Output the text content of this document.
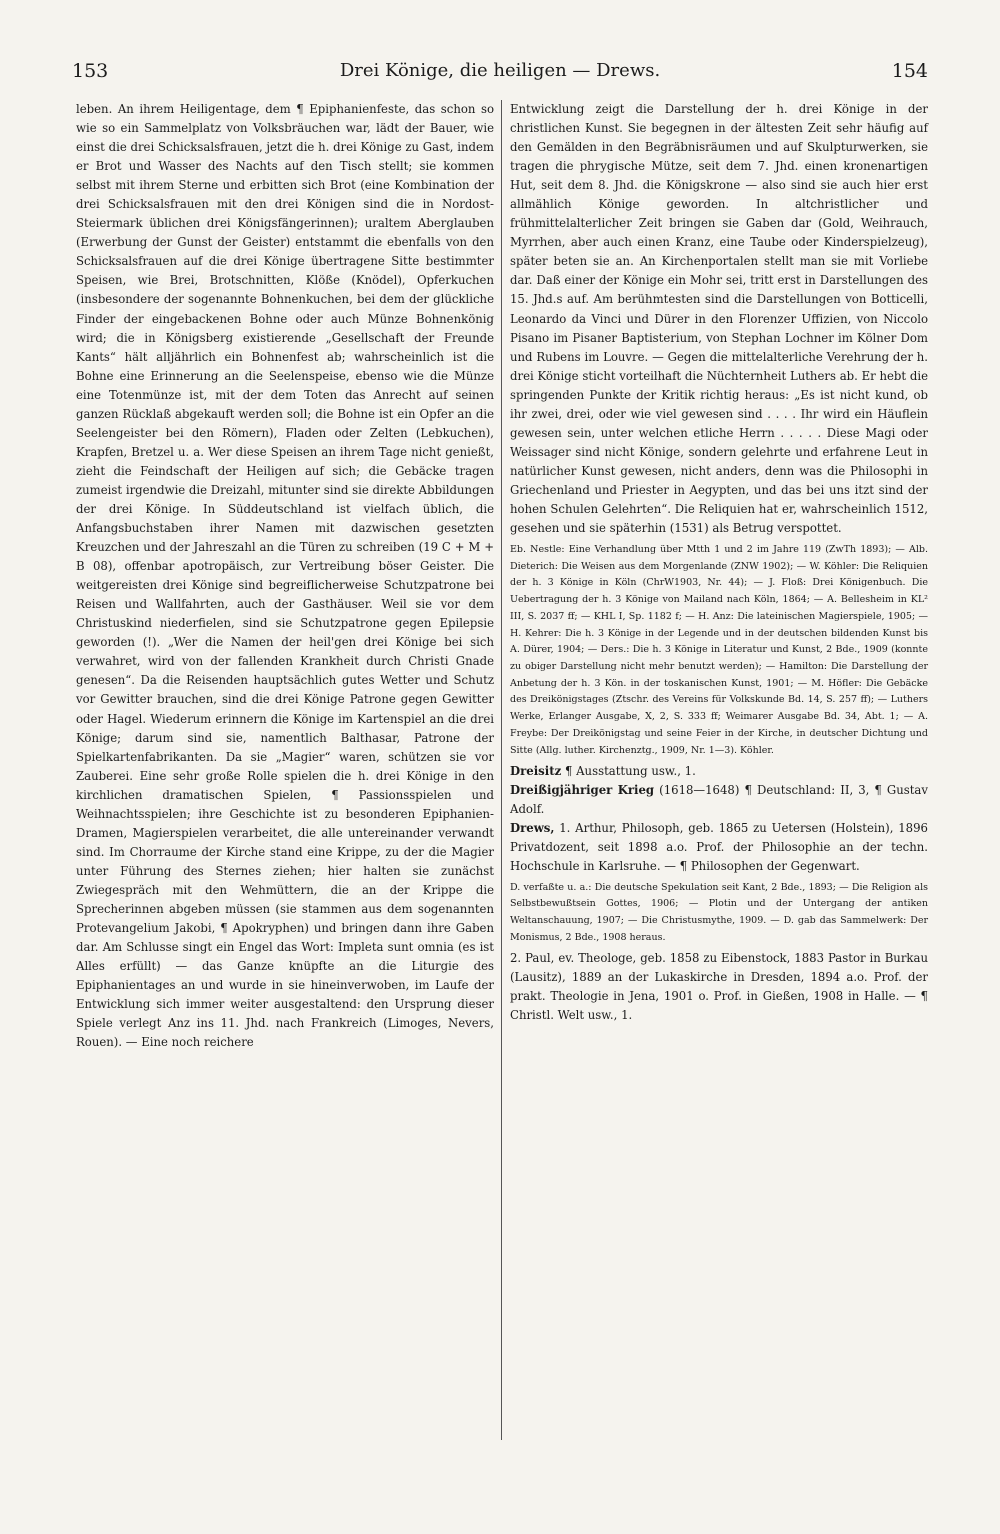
153	Drei Könige, die heiligen — Drews.	154

leben. An ihrem Heiligentage, dem ¶ Epiphanienfeste, das schon so wie so ein Sammelplatz von Volksbräuchen war, lädt der Bauer, wie einst die drei Schicksalsfrauen, jetzt die h. drei Könige zu Gast, indem er Brot und Wasser des Nachts auf den Tisch stellt; sie kommen selbst mit ihrem Sterne und erbitten sich Brot (eine Kombination der drei Schicksalsfrauen mit den drei Königen sind die in Nordost-Steiermark üblichen drei Königsfängerinnen); uraltem Aberglauben (Erwerbung der Gunst der Geister) entstammt die ebenfalls von den Schicksalsfrauen auf die drei Könige übertragene Sitte bestimmter Speisen, wie Brei, Brotschnitten, Klöße (Knödel), Opferkuchen (insbesondere der sogenannte Bohnenkuchen, bei dem der glückliche Finder der eingebackenen Bohne oder auch Münze Bohnenkönig wird; die in Königsberg existierende „Gesellschaft der Freunde Kants“ hält alljährlich ein Bohnenfest ab; wahrscheinlich ist die Bohne eine Erinnerung an die Seelenspeise, ebenso wie die Münze eine Totenmünze ist, mit der dem Toten das Anrecht auf seinen ganzen Rücklaß abgekauft werden soll; die Bohne ist ein Opfer an die Seelengeister bei den Römern), Fladen oder Zelten (Lebkuchen), Krapfen, Bretzel u. a. Wer diese Speisen an ihrem Tage nicht genießt, zieht die Feindschaft der Heiligen auf sich; die Gebäcke tragen zumeist irgendwie die Dreizahl, mitunter sind sie direkte Abbildungen der drei Könige. In Süddeutschland ist vielfach üblich, die Anfangsbuchstaben ihrer Namen mit dazwischen gesetzten Kreuzchen und der Jahreszahl an die Türen zu schreiben (19 C + M + B 08), offenbar apotropäisch, zur Vertreibung böser Geister. Die weitgereisten drei Könige sind begreiflicherweise Schutzpatrone bei Reisen und Wallfahrten, auch der Gasthäuser. Weil sie vor dem Christuskind niederfielen, sind sie Schutzpatrone gegen Epilepsie geworden (!). „Wer die Namen der heil'gen drei Könige bei sich verwahret, wird von der fallenden Krankheit durch Christi Gnade genesen“. Da die Reisenden hauptsächlich gutes Wetter und Schutz vor Gewitter brauchen, sind die drei Könige Patrone gegen Gewitter oder Hagel. Wiederum erinnern die Könige im Kartenspiel an die drei Könige; darum sind sie, namentlich Balthasar, Patrone der Spielkartenfabrikanten. Da sie „Magier“ waren, schützen sie vor Zauberei. Eine sehr große Rolle spielen die h. drei Könige in den kirchlichen dramatischen Spielen, ¶ Passionsspielen und Weihnachtsspielen; ihre Geschichte ist zu besonderen Epiphanien-Dramen, Magierspielen verarbeitet, die alle untereinander verwandt sind. Im Chorraume der Kirche stand eine Krippe, zu der die Magier unter Führung des Sternes ziehen; hier halten sie zunächst Zwiegespräch mit den Wehmüttern, die an der Krippe die Sprecherinnen abgeben müssen (sie stammen aus dem sogenannten Protevangelium Jakobi, ¶ Apokryphen) und bringen dann ihre Gaben dar. Am Schlusse singt ein Engel das Wort: Impleta sunt omnia (es ist Alles erfüllt) — das Ganze knüpfte an die Liturgie des Epiphanientages an und wurde in sie hineinverwoben, im Laufe der Entwicklung sich immer weiter ausgestaltend: den Ursprung dieser Spiele verlegt Anz ins 11. Jhd. nach Frankreich (Limoges, Nevers, Rouen). — Eine noch reichere

Entwicklung zeigt die Darstellung der h. drei Könige in der christlichen Kunst. Sie begegnen in der ältesten Zeit sehr häufig auf den Gemälden in den Begräbnisräumen und auf Skulpturwerken, sie tragen die phrygische Mütze, seit dem 7. Jhd. einen kronenartigen Hut, seit dem 8. Jhd. die Königskrone — also sind sie auch hier erst allmählich Könige geworden. In altchristlicher und frühmittelalterlicher Zeit bringen sie Gaben dar (Gold, Weihrauch, Myrrhen, aber auch einen Kranz, eine Taube oder Kinderspielzeug), später beten sie an. An Kirchenportalen stellt man sie mit Vorliebe dar. Daß einer der Könige ein Mohr sei, tritt erst in Darstellungen des 15. Jhd.s auf. Am berühmtesten sind die Darstellungen von Botticelli, Leonardo da Vinci und Dürer in den Florenzer Uffizien, von Niccolo Pisano im Pisaner Baptisterium, von Stephan Lochner im Kölner Dom und Rubens im Louvre. — Gegen die mittelalterliche Verehrung der h. drei Könige sticht vorteilhaft die Nüchternheit Luthers ab. Er hebt die springenden Punkte der Kritik richtig heraus: „Es ist nicht kund, ob ihr zwei, drei, oder wie viel gewesen sind . . . . Ihr wird ein Häuflein gewesen sein, unter welchen etliche Herrn . . . . . Diese Magi oder Weissager sind nicht Könige, sondern gelehrte und erfahrene Leut in natürlicher Kunst gewesen, nicht anders, denn was die Philosophi in Griechenland und Priester in Aegypten, und das bei uns itzt sind der hohen Schulen Gelehrten“. Die Reliquien hat er, wahrscheinlich 1512, gesehen und sie späterhin (1531) als Betrug verspottet.

Eb. Nestle: Eine Verhandlung über Mtth 1 und 2 im Jahre 119 (ZwTh 1893); — Alb. Dieterich: Die Weisen aus dem Morgenlande (ZNW 1902); — W. Köhler: Die Reliquien der h. 3 Könige in Köln (ChrW1903, Nr. 44); — J. Floß: Drei Königenbuch. Die Uebertragung der h. 3 Könige von Mailand nach Köln, 1864; — A. Bellesheim in KL² III, S. 2037 ff; — KHL I, Sp. 1182 f; — H. Anz: Die lateinischen Magierspiele, 1905; — H. Kehrer: Die h. 3 Könige in der Legende und in der deutschen bildenden Kunst bis A. Dürer, 1904; — Ders.: Die h. 3 Könige in Literatur und Kunst, 2 Bde., 1909 (konnte zu obiger Darstellung nicht mehr benutzt werden); — Hamilton: Die Darstellung der Anbetung der h. 3 Kön. in der toskanischen Kunst, 1901; — M. Höfler: Die Gebäcke des Dreikönigstages (Ztschr. des Vereins für Volkskunde Bd. 14, S. 257 ff); — Luthers Werke, Erlanger Ausgabe, X, 2, S. 333 ff; Weimarer Ausgabe Bd. 34, Abt. 1; — A. Freybe: Der Dreikönigstag und seine Feier in der Kirche, in deutscher Dichtung und Sitte (Allg. luther. Kirchenztg., 1909, Nr. 1—3). Köhler.

Dreisitz ¶ Ausstattung usw., 1.

Dreißigjähriger Krieg (1618—1648) ¶ Deutschland: II, 3, ¶ Gustav Adolf.

Drews, 1. Arthur, Philosoph, geb. 1865 zu Uetersen (Holstein), 1896 Privatdozent, seit 1898 a.o. Prof. der Philosophie an der techn. Hochschule in Karlsruhe. — ¶ Philosophen der Gegenwart.

D. verfaßte u. a.: Die deutsche Spekulation seit Kant, 2 Bde., 1893; — Die Religion als Selbstbewußtsein Gottes, 1906; — Plotin und der Untergang der antiken Weltanschauung, 1907; — Die Christusmythe, 1909. — D. gab das Sammelwerk: Der Monismus, 2 Bde., 1908 heraus.

2. Paul, ev. Theologe, geb. 1858 zu Eibenstock, 1883 Pastor in Burkau (Lausitz), 1889 an der Lukaskirche in Dresden, 1894 a.o. Prof. der prakt. Theologie in Jena, 1901 o. Prof. in Gießen, 1908 in Halle. — ¶ Christl. Welt usw., 1.
